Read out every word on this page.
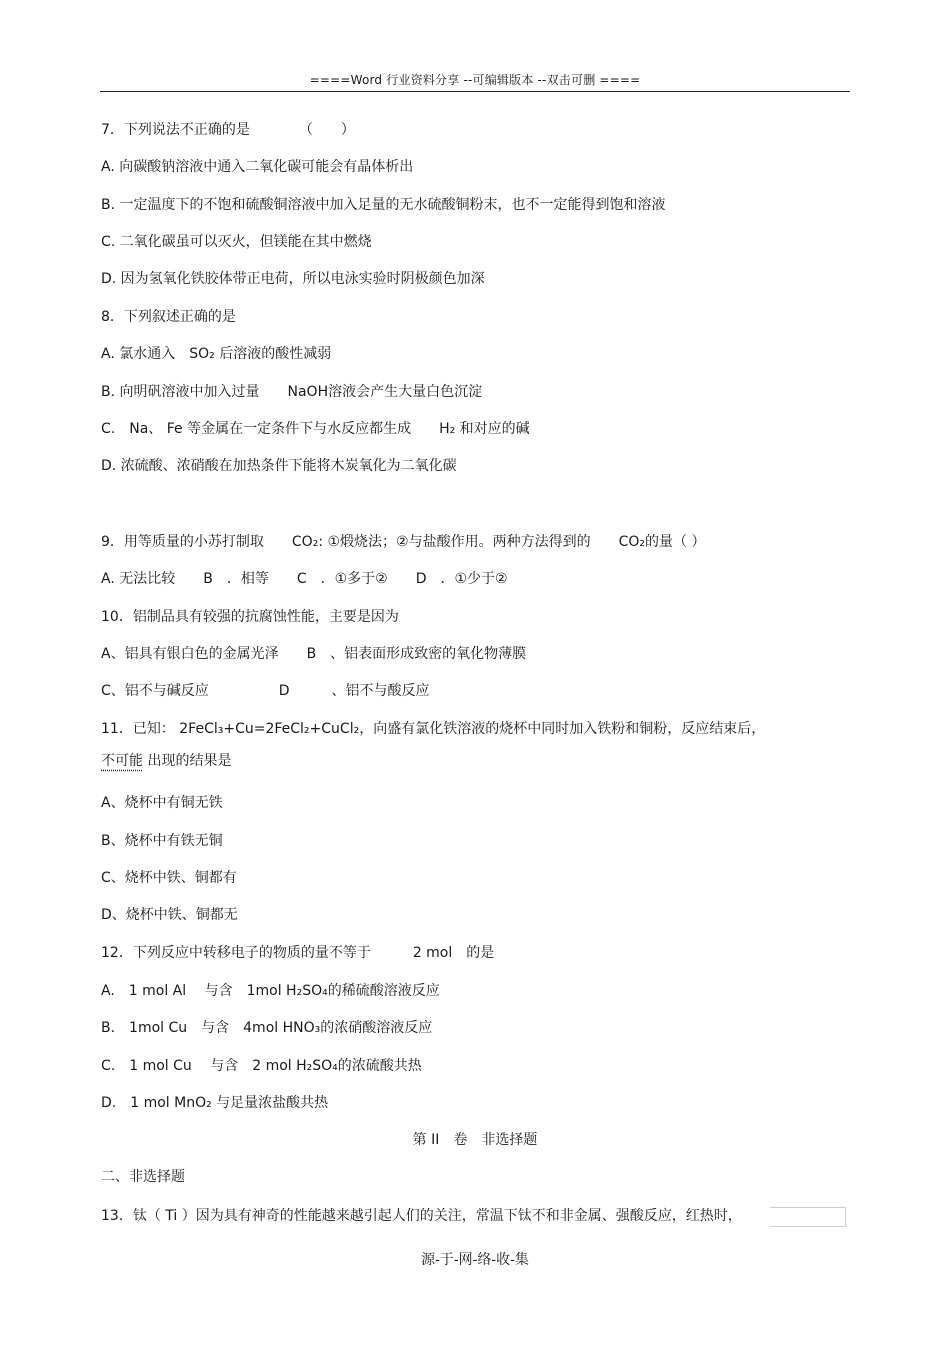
====Word 行业资料分享 --可编辑版本 --双击可删 ====
7．下列说法不正确的是　　　　（　　）
A. 向碳酸钠溶液中通入二氧化碳可能会有晶体析出
B. 一定温度下的不饱和硫酸铜溶液中加入足量的无水硫酸铜粉末，也不一定能得到饱和溶液
C. 二氧化碳虽可以灭火，但镁能在其中燃烧
D. 因为氢氧化铁胶体带正电荷，所以电泳实验时阴极颜色加深
8．下列叙述正确的是
A. 氯水通入　SO₂ 后溶液的酸性减弱
B. 向明矾溶液中加入过量　　NaOH溶液会产生大量白色沉淀
C.　Na、 Fe 等金属在一定条件下与水反应都生成　　H₂ 和对应的碱
D. 浓硫酸、浓硝酸在加热条件下能将木炭氧化为二氧化碳
9．用等质量的小苏打制取　　CO₂: ①煅烧法；②与盐酸作用。两种方法得到的　　CO₂的量（ ）
A. 无法比较　　B　．相等　　C　．①多于②　　D　．①少于②
10．铝制品具有较强的抗腐蚀性能，主要是因为
A、铝具有银白色的金属光泽　　B　、铝表面形成致密的氧化物薄膜
C、铝不与碱反应　　　　　D　　　、铝不与酸反应
11．已知： 2FeCl₃+Cu=2FeCl₂+CuCl₂，向盛有氯化铁溶液的烧杯中同时加入铁粉和铜粉，反应结束后，
A、烧杯中有铜无铁
B、烧杯中有铁无铜
C、烧杯中铁、铜都有
D、烧杯中铁、铜都无
12．下列反应中转移电子的物质的量不等于　　　2 mol　的是
A.　1 mol Al　 与含　1mol H₂SO₄的稀硫酸溶液反应
B.　1mol Cu　与含　4mol HNO₃的浓硝酸溶液反应
C.　1 mol Cu　 与含　2 mol H₂SO₄的浓硫酸共热
D.　1 mol MnO₂ 与足量浓盐酸共热
二、非选择题
13．钛（ Ti ）因为具有神奇的性能越来越引起人们的关注，常温下钛不和非金属、强酸反应，红热时，
不可能 出现的结果是
第 II　卷　非选择题
源-于-网-络-收-集
